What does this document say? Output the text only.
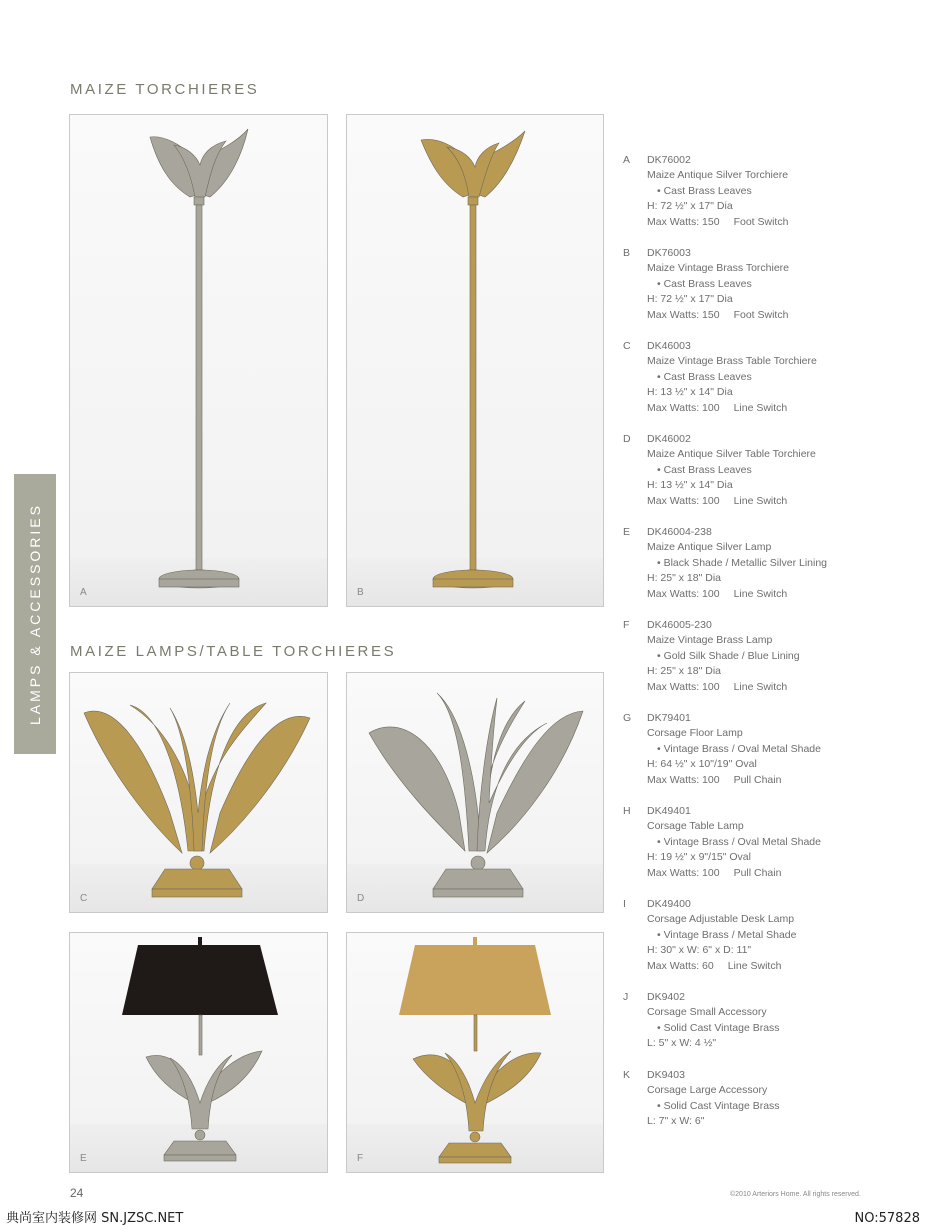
MAIZE TORCHIERES
MAIZE LAMPS/TABLE TORCHIERES
LAMPS & ACCESSORIES	A	B
C	D
E	F
A DK76002
Maize Antique Silver Torchiere
• Cast Brass Leaves
H: 72 ½" x 17" Dia
Max Watts: 150 Foot Switch
B DK76003
Maize Vintage Brass Torchiere
• Cast Brass Leaves
H: 72 ½" x 17" Dia
Max Watts: 150 Foot Switch
C DK46003
Maize Vintage Brass Table Torchiere
• Cast Brass Leaves
H: 13 ½" x 14" Dia
Max Watts: 100 Line Switch
D DK46002
Maize Antique Silver Table Torchiere
• Cast Brass Leaves
H: 13 ½" x 14" Dia
Max Watts: 100 Line Switch
E DK46004-238
Maize Antique Silver Lamp
• Black Shade / Metallic Silver Lining
H: 25" x 18" Dia
Max Watts: 100 Line Switch
F DK46005-230
Maize Vintage Brass Lamp
• Gold Silk Shade / Blue Lining
H: 25" x 18" Dia
Max Watts: 100 Line Switch
G DK79401
Corsage Floor Lamp
• Vintage Brass / Oval Metal Shade
H: 64 ½" x 10"/19" Oval
Max Watts: 100 Pull Chain
H DK49401
Corsage Table Lamp
• Vintage Brass / Oval Metal Shade
H: 19 ½" x 9"/15" Oval
Max Watts: 100 Pull Chain
I DK49400
Corsage Adjustable Desk Lamp
• Vintage Brass / Metal Shade
H: 30" x W: 6" x D: 11"
Max Watts: 60 Line Switch
J DK9402
Corsage Small Accessory
• Solid Cast Vintage Brass
L: 5" x W: 4 ½"
K DK9403
Corsage Large Accessory
• Solid Cast Vintage Brass
L: 7" x W: 6"
24	©2010 Arteriors Home. All rights reserved.
典尚室内装修网 SN.JZSC.NET	NO:57828
